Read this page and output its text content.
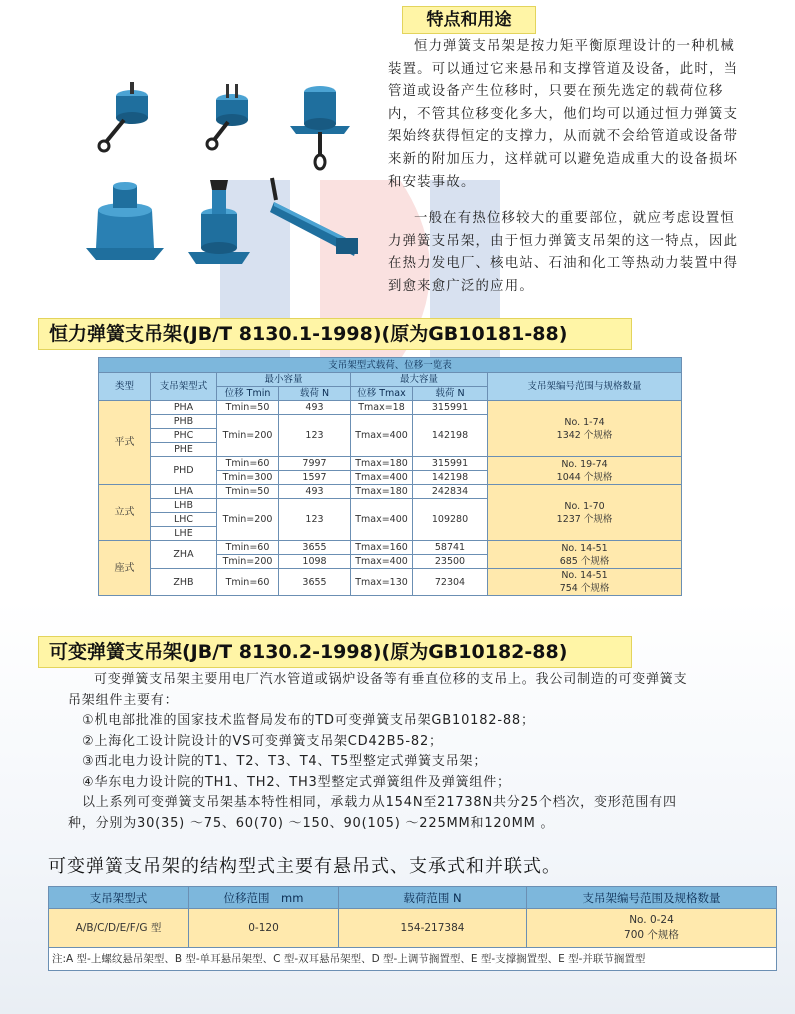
特点和用途
恒力弹簧支吊架是按力矩平衡原理设计的一种机械
装置。可以通过它来悬吊和支撑管道及设备，此时，当
管道或设备产生位移时，只要在预先选定的载荷位移
内，不管其位移变化多大，他们均可以通过恒力弹簧支
架始终获得恒定的支撑力，从而就不会给管道或设备带
来新的附加压力，这样就可以避免造成重大的设备损坏
和安装事故。
一般在有热位移较大的重要部位，就应考虑设置恒
力弹簧支吊架，由于恒力弹簧支吊架的这一特点，因此
在热力发电厂、核电站、石油和化工等热动力装置中得
到愈来愈广泛的应用。
恒力弹簧支吊架(JB/T 8130.1-1998)(原为GB10181-88)
支吊架型式载荷、位移一览表						
类型	支吊架型式	最小容量		最大容量		支吊架编号范围与规格数量
		位移 Tmin	载荷 N	位移 Tmax	载荷 N	
平式	PHA	Tmin=50	493	Tmax=18	315991	No. 1-74
1342 个规格
	PHB	Tmin=200	123	Tmax=400	142198	
	PHC					
	PHE					
	PHD	Tmin=60	7997	Tmax=180	315991	No. 19-74
1044 个规格
		Tmin=300	1597	Tmax=400	142198	
立式	LHA	Tmin=50	493	Tmax=180	242834	No. 1-70
1237 个规格
	LHB	Tmin=200	123	Tmax=400	109280	
	LHC					
	LHE					
座式	ZHA	Tmin=60	3655	Tmax=160	58741	No. 14-51
685 个规格
		Tmin=200	1098	Tmax=400	23500	
	ZHB	Tmin=60	3655	Tmax=130	72304	No. 14-51
754 个规格
可变弹簧支吊架(JB/T 8130.2-1998)(原为GB10182-88)
可变弹簧支吊架主要用电厂汽水管道或锅炉设备等有垂直位移的支吊上。我公司制造的可变弹簧支
吊架组件主要有：
①机电部批准的国家技术监督局发布的TD可变弹簧支吊架GB10182-88；
②上海化工设计院设计的VS可变弹簧支吊架CD42B5-82；
③西北电力设计院的T1、T2、T3、T4、T5型整定式弹簧支吊架；
④华东电力设计院的TH1、TH2、TH3型整定式弹簧组件及弹簧组件；
以上系列可变弹簧支吊架基本特性相同，承载力从154N至21738N共分25个档次，变形范围有四
种，分别为30(35) ～75、60(70) ～150、90(105) ～225MM和120MM 。
可变弹簧支吊架的结构型式主要有悬吊式、支承式和并联式。
支吊架型式	位移范围　mm	载荷范围 N	支吊架编号范围及规格数量
A/B/C/D/E/F/G 型	0-120	154-217384	No. 0-24
700 个规格
注:A 型-上螺纹悬吊架型、B 型-单耳悬吊架型、C 型-双耳悬吊架型、D 型-上调节搁置型、E 型-支撑搁置型、E 型-并联节搁置型			
